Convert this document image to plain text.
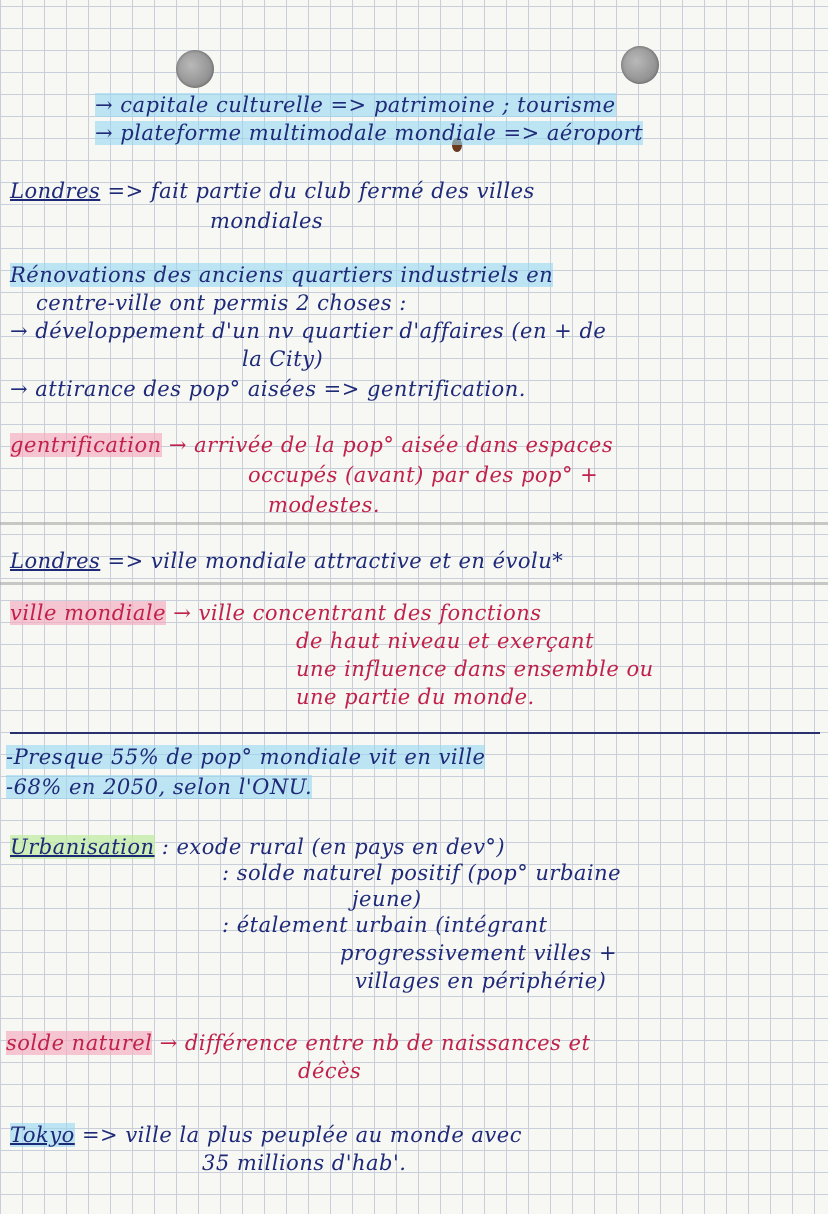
→ capitale culturelle => patrimoine ; tourisme
→ plateforme multimodale mondiale => aéroport
Londres => fait partie du club fermé des villes
mondiales
Rénovations des anciens quartiers industriels en
centre-ville ont permis 2 choses :
→ développement d'un nv quartier d'affaires (en + de
la City)
→ attirance des pop° aisées => gentrification.
gentrification → arrivée de la pop° aisée dans espaces
occupés (avant) par des pop° +
modestes.
Londres => ville mondiale attractive et en évolu*
ville mondiale → ville concentrant des fonctions
de haut niveau et exerçant
une influence dans ensemble ou
une partie du monde.
-Presque 55% de pop° mondiale vit en ville
-68% en 2050, selon l'ONU.
Urbanisation : exode rural (en pays en dev°)
: solde naturel positif (pop° urbaine
jeune)
: étalement urbain (intégrant
progressivement villes +
villages en périphérie)
solde naturel → différence entre nb de naissances et
décès
Tokyo => ville la plus peuplée au monde avec
35 millions d'hab'.
